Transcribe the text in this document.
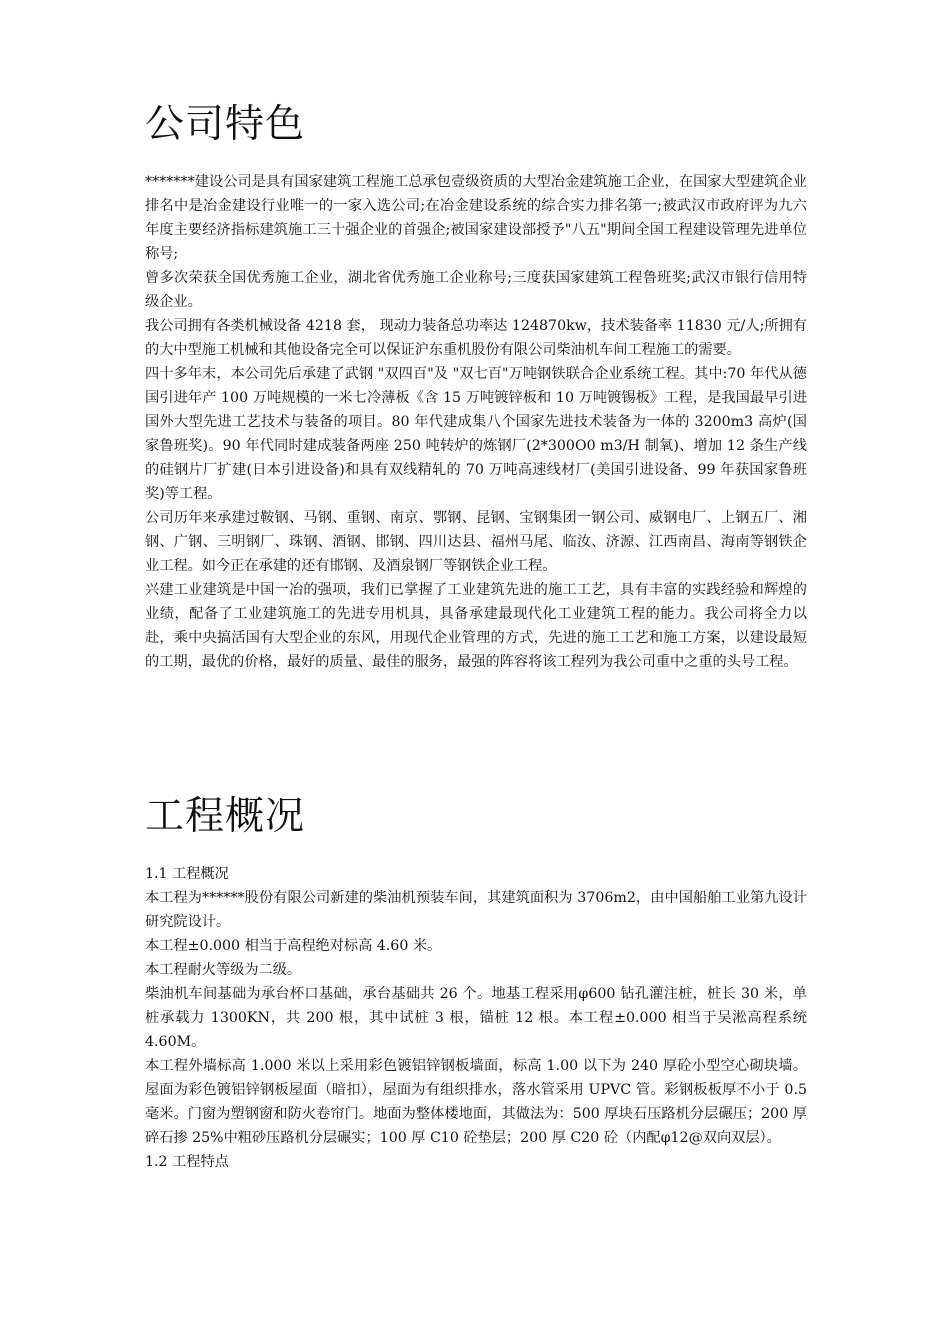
公司特色

*******建设公司是具有国家建筑工程施工总承包壹级资质的大型冶金建筑施工企业，在国家大型建筑企业排名中是冶金建设行业唯一的一家入选公司;在冶金建设系统的综合实力排名第一;被武汉市政府评为九六年度主要经济指标建筑施工三十强企业的首强企;被国家建设部授予"八五"期间全国工程建设管理先进单位称号;

曾多次荣获全国优秀施工企业，湖北省优秀施工企业称号;三度获国家建筑工程鲁班奖;武汉市银行信用特级企业。

我公司拥有各类机械设备 4218 套， 现动力装备总功率达 124870kw，技术装备率 11830 元/人;所拥有的大中型施工机械和其他设备完全可以保证沪东重机股份有限公司柴油机车间工程施工的需要。

四十多年末，本公司先后承建了武钢 "双四百"及 "双七百"万吨钢铁联合企业系统工程。其中:70 年代从德国引进年产 100 万吨规模的一米七冷薄板《含 15 万吨镀锌板和 10 万吨镀锡板》工程，是我国最早引进国外大型先进工艺技术与装备的项目。80 年代建成集八个国家先进技术装备为一体的 3200m3 高炉(国家鲁班奖)。90 年代同时建成装备两座 250 吨转炉的炼钢厂(2*300O0 m3/H 制氧)、增加 12 条生产线的硅钢片厂扩建(日本引进设备)和具有双线精轧的 70 万吨高速线材厂(美国引进设备、99 年获国家鲁班奖)等工程。

公司历年来承建过鞍钢、马钢、重钢、南京、鄂钢、昆钢、宝钢集团一钢公司、威钢电厂、上钢五厂、湘钢、广钢、三明钢厂、珠钢、酒钢、邯钢、四川达县、福州马尾、临汝、济源、江西南昌、海南等钢铁企业工程。如今正在承建的还有邯钢、及酒泉钢厂等钢铁企业工程。

兴建工业建筑是中国一冶的强项，我们已掌握了工业建筑先进的施工工艺，具有丰富的实践经验和辉煌的业绩，配备了工业建筑施工的先进专用机具，具备承建最现代化工业建筑工程的能力。我公司将全力以赴，乘中央搞活国有大型企业的东风，用现代企业管理的方式，先进的施工工艺和施工方案，以建设最短的工期，最优的价格，最好的质量、最佳的服务，最强的阵容将该工程列为我公司重中之重的头号工程。

工程概况

1.1 工程概况

本工程为******股份有限公司新建的柴油机预装车间，其建筑面积为 3706m2，由中国船舶工业第九设计研究院设计。

本工程±0.000 相当于高程绝对标高 4.60 米。

本工程耐火等级为二级。

柴油机车间基础为承台杯口基础，承台基础共 26 个。地基工程采用φ600 钻孔灌注桩，桩长 30 米，单桩承载力 1300KN，共 200 根，其中试桩 3 根，锚桩 12 根。本工程±0.000 相当于吴淞高程系统 4.60M。

本工程外墙标高 1.000 米以上采用彩色镀铝锌钢板墙面，标高 1.00 以下为 240 厚砼小型空心砌块墙。屋面为彩色镀铝锌钢板屋面（暗扣），屋面为有组织排水，落水管采用 UPVC 管。彩钢板板厚不小于 0.5 毫米。门窗为塑钢窗和防火卷帘门。地面为整体楼地面，其做法为：500 厚块石压路机分层碾压；200 厚碎石掺 25%中粗砂压路机分层碾实；100 厚 C10 砼垫层；200 厚 C20 砼（内配φ12@双向双层）。

1.2 工程特点
